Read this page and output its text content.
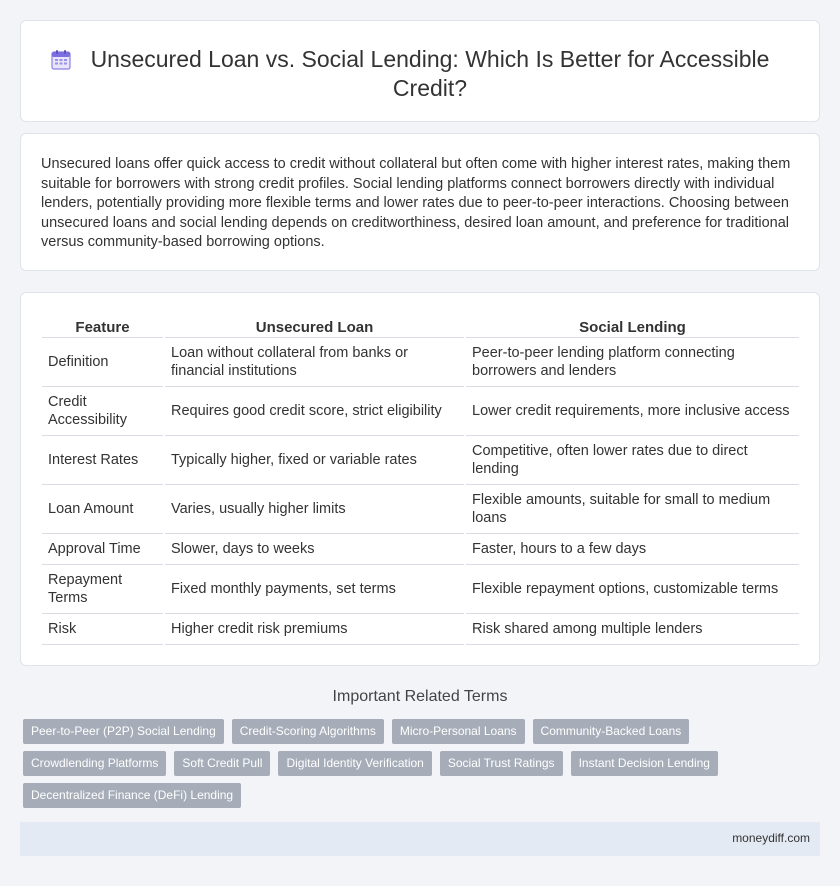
Unsecured Loan vs. Social Lending: Which Is Better for Accessible Credit?

Unsecured loans offer quick access to credit without collateral but often come with higher interest rates, making them suitable for borrowers with strong credit profiles. Social lending platforms connect borrowers directly with individual lenders, potentially providing more flexible terms and lower rates due to peer-to-peer interactions. Choosing between unsecured loans and social lending depends on creditworthiness, desired loan amount, and preference for traditional versus community-based borrowing options.

Feature	Unsecured Loan	Social Lending
Definition	Loan without collateral from banks or financial institutions	Peer-to-peer lending platform connecting borrowers and lenders
Credit Accessibility	Requires good credit score, strict eligibility	Lower credit requirements, more inclusive access
Interest Rates	Typically higher, fixed or variable rates	Competitive, often lower rates due to direct lending
Loan Amount	Varies, usually higher limits	Flexible amounts, suitable for small to medium loans
Approval Time	Slower, days to weeks	Faster, hours to a few days
Repayment Terms	Fixed monthly payments, set terms	Flexible repayment options, customizable terms
Risk	Higher credit risk premiums	Risk shared among multiple lenders
Important Related Terms
Peer-to-Peer (P2P) Social Lending	Credit-Scoring Algorithms	Micro-Personal Loans	Community-Backed Loans
Crowdlending Platforms	Soft Credit Pull	Digital Identity Verification	Social Trust Ratings	Instant Decision Lending
Decentralized Finance (DeFi) Lending
moneydiff.com
